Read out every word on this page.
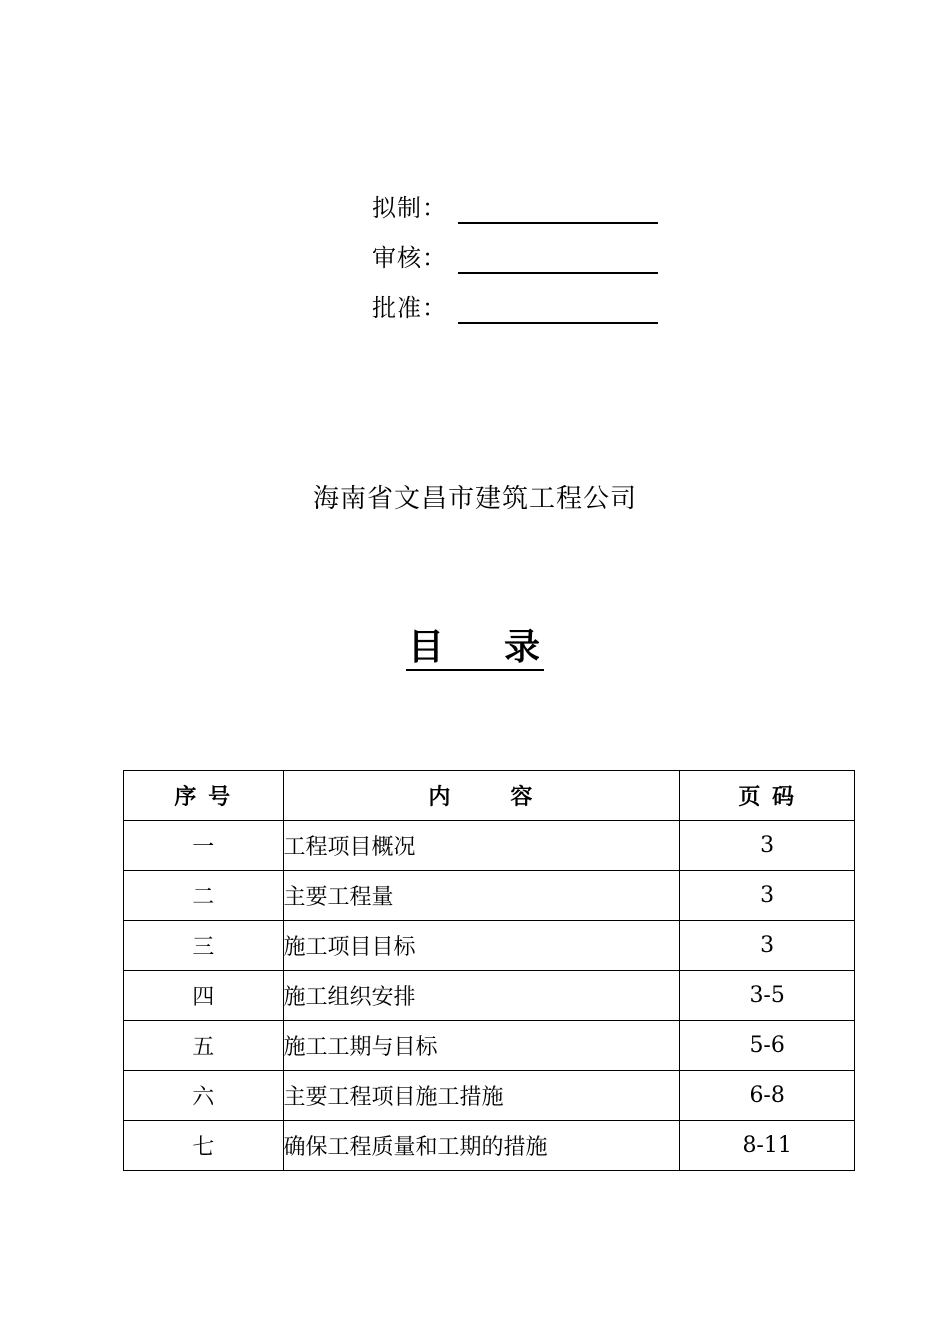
拟制：
审核：
批准：
海南省文昌市建筑工程公司
目    录
序 号	内      容	页 码
一	工程项目概况	3
二	主要工程量	3
三	施工项目目标	3
四	施工组织安排	3-5
五	施工工期与目标	5-6
六	主要工程项目施工措施	6-8
七	确保工程质量和工期的措施	8-11
